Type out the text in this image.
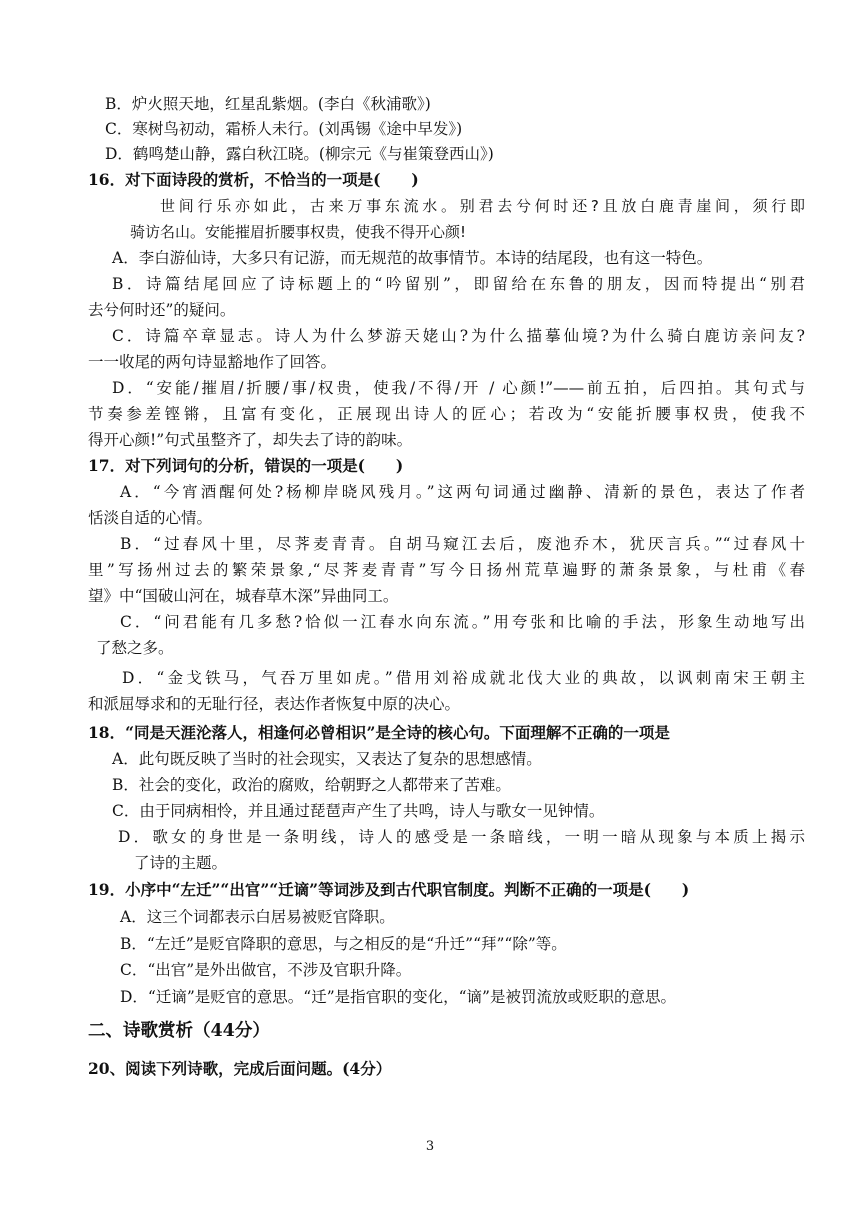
B．炉火照天地，红星乱紫烟。(李白《秋浦歌》)
C．寒树鸟初动，霜桥人未行。(刘禹锡《途中早发》)
D．鹤鸣楚山静，露白秋江晓。(柳宗元《与崔策登西山》)
16．对下面诗段的赏析，不恰当的一项是(　　)
世间行乐亦如此，古来万事东流水。别君去兮何时还?且放白鹿青崖间，须行即
骑访名山。安能摧眉折腰事权贵，使我不得开心颜!
A．李白游仙诗，大多只有记游，而无规范的故事情节。本诗的结尾段，也有这一特色。
B．诗篇结尾回应了诗标题上的“吟留别”，即留给在东鲁的朋友，因而特提出“别君
去兮何时还”的疑问。
C．诗篇卒章显志。诗人为什么梦游天姥山?为什么描摹仙境?为什么骑白鹿访亲问友?
一一收尾的两句诗显豁地作了回答。
D．“安能/摧眉/折腰/事/权贵，使我/不得/开 / 心颜!”——前五拍，后四拍。其句式与
节奏参差铿锵，且富有变化，正展现出诗人的匠心；若改为“安能折腰事权贵，使我不
得开心颜!”句式虽整齐了，却失去了诗的韵味。
17．对下列词句的分析，错误的一项是(　　)
A．“今宵酒醒何处?杨柳岸晓风残月。”这两句词通过幽静、清新的景色，表达了作者
恬淡自适的心情。
B．“过春风十里，尽荠麦青青。自胡马窥江去后，废池乔木，犹厌言兵。”“过春风十
里”写扬州过去的繁荣景象,“尽荠麦青青”写今日扬州荒草遍野的萧条景象，与杜甫《春
望》中“国破山河在，城春草木深”异曲同工。
C．“问君能有几多愁?恰似一江春水向东流。”用夸张和比喻的手法，形象生动地写出
了愁之多。
D．“金戈铁马，气吞万里如虎。”借用刘裕成就北伐大业的典故，以讽刺南宋王朝主
和派屈辱求和的无耻行径，表达作者恢复中原的决心。
18．“同是天涯沦落人，相逢何必曾相识”是全诗的核心句。下面理解不正确的一项是
A．此句既反映了当时的社会现实，又表达了复杂的思想感情。
B．社会的变化，政治的腐败，给朝野之人都带来了苦难。
C．由于同病相怜，并且通过琵琶声产生了共鸣，诗人与歌女一见钟情。
D．歌女的身世是一条明线，诗人的感受是一条暗线，一明一暗从现象与本质上揭示
了诗的主题。
19．小序中“左迁”“出官”“迁谪”等词涉及到古代职官制度。判断不正确的一项是(　　)
A．这三个词都表示白居易被贬官降职。
B．“左迁”是贬官降职的意思，与之相反的是“升迁”“拜”“除”等。
C．“出官”是外出做官，不涉及官职升降。
D．“迁谪”是贬官的意思。“迁”是指官职的变化，“谪”是被罚流放或贬职的意思。
二、诗歌赏析（44分）
20、阅读下列诗歌，完成后面问题。(4分）
3
